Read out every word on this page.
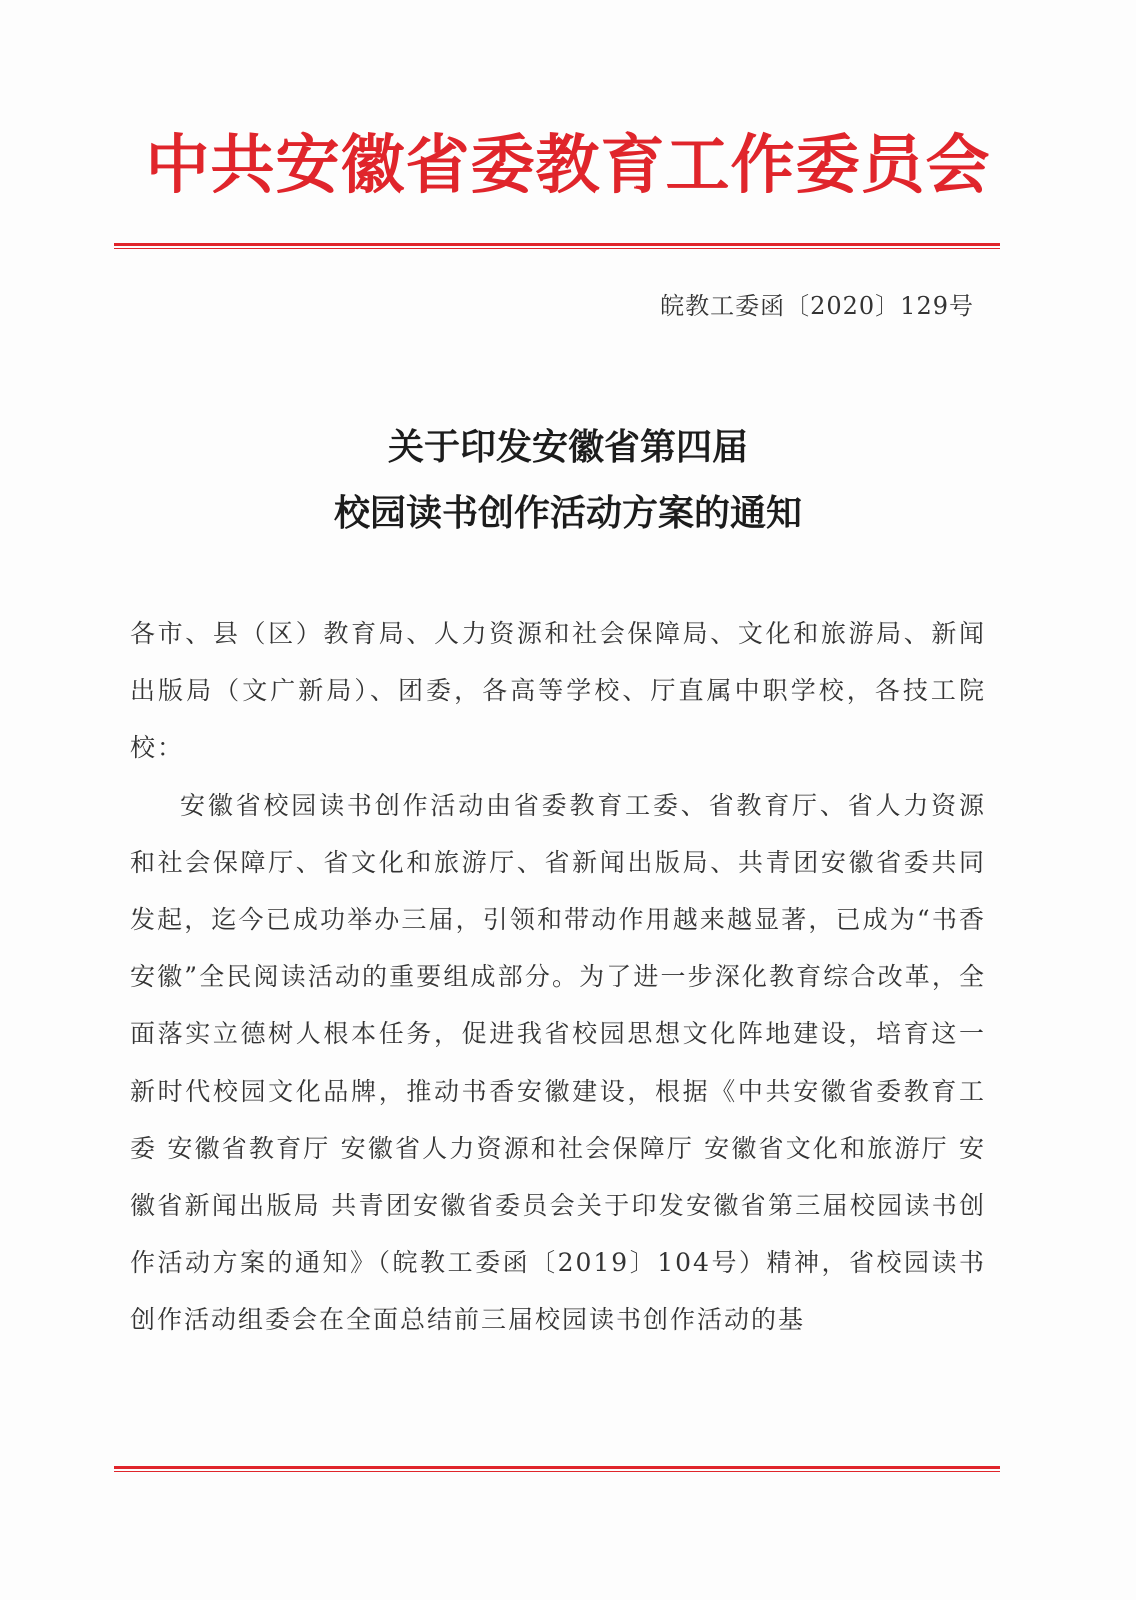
中共安徽省委教育工作委员会
皖教工委函〔2020〕129号
关于印发安徽省第四届
校园读书创作活动方案的通知

各市、县（区）教育局、人力资源和社会保障局、文化和旅游局、新闻出版局（文广新局）、团委，各高等学校、厅直属中职学校，各技工院校：

安徽省校园读书创作活动由省委教育工委、省教育厅、省人力资源和社会保障厅、省文化和旅游厅、省新闻出版局、共青团安徽省委共同发起，迄今已成功举办三届，引领和带动作用越来越显著，已成为“书香安徽”全民阅读活动的重要组成部分。为了进一步深化教育综合改革，全面落实立德树人根本任务，促进我省校园思想文化阵地建设，培育这一新时代校园文化品牌，推动书香安徽建设，根据《中共安徽省委教育工委 安徽省教育厅 安徽省人力资源和社会保障厅 安徽省文化和旅游厅 安徽省新闻出版局 共青团安徽省委员会关于印发安徽省第三届校园读书创作活动方案的通知》（皖教工委函〔2019〕104号）精神，省校园读书创作活动组委会在全面总结前三届校园读书创作活动的基
